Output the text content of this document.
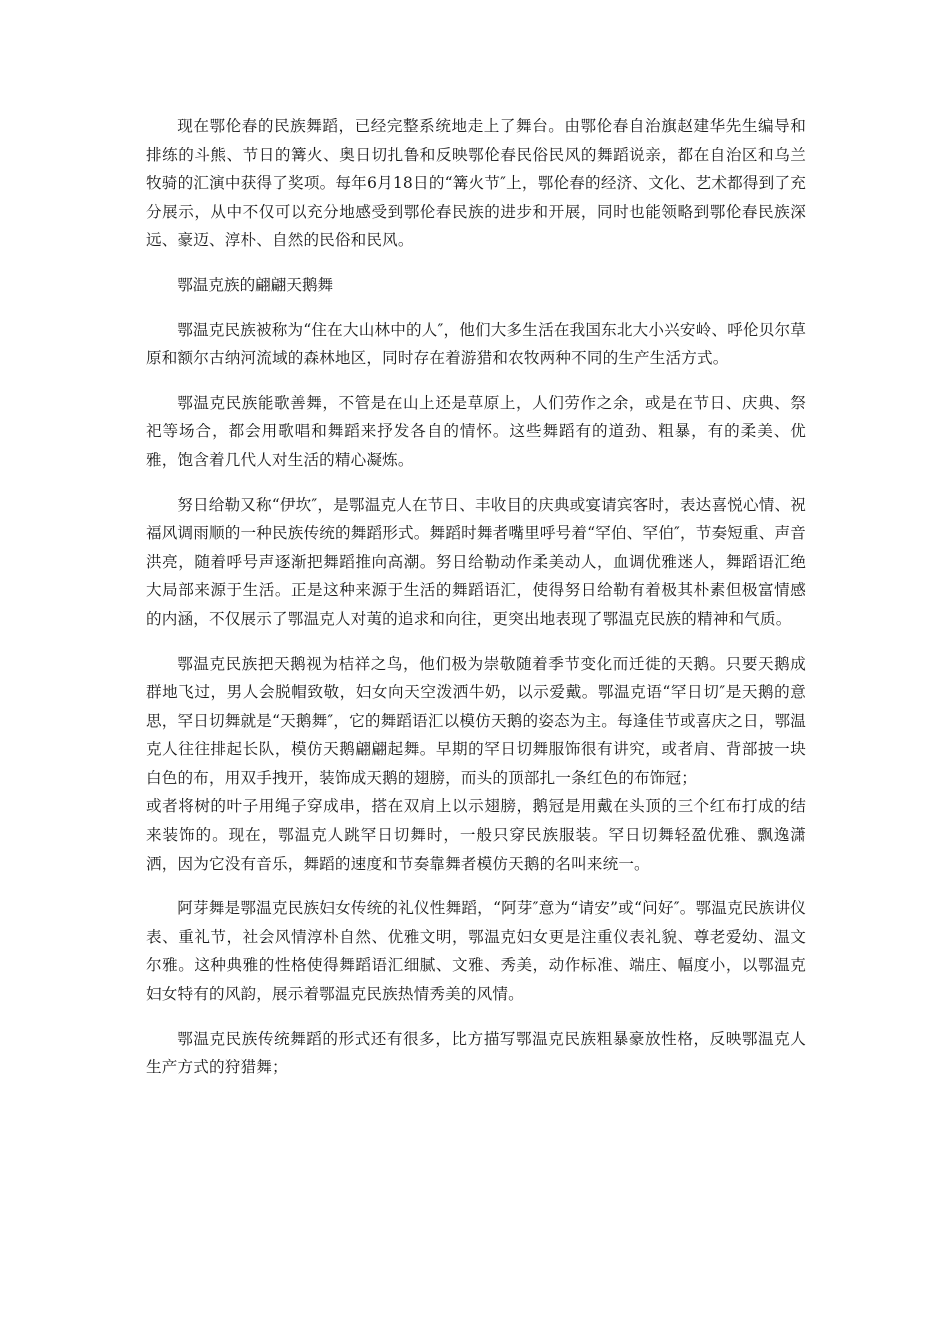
现在鄂伦春的民族舞蹈，已经完整系统地走上了舞台。由鄂伦春自治旗赵建华先生编导和排练的斗熊、节日的篝火、奥日切扎鲁和反映鄂伦春民俗民风的舞蹈说亲，都在自治区和乌兰牧骑的汇演中获得了奖项。每年6月18日的“篝火节″上，鄂伦春的经济、文化、艺术都得到了充分展示，从中不仅可以充分地感受到鄂伦春民族的进步和开展，同时也能领略到鄂伦春民族深远、豪迈、淳朴、自然的民俗和民风。

鄂温克族的翩翩天鹅舞

鄂温克民族被称为“住在大山林中的人″，他们大多生活在我国东北大小兴安岭、呼伦贝尔草原和额尔古纳河流域的森林地区，同时存在着游猎和农牧两种不同的生产生活方式。

鄂温克民族能歌善舞，不管是在山上还是草原上，人们劳作之余，或是在节日、庆典、祭祀等场合，都会用歌唱和舞蹈来抒发各自的情怀。这些舞蹈有的道劲、粗暴，有的柔美、优雅，饱含着几代人对生活的精心凝炼。

努日给勒又称“伊坎″，是鄂温克人在节日、丰收目的庆典或宴请宾客时，表达喜悦心情、祝福风调雨顺的一种民族传统的舞蹈形式。舞蹈时舞者嘴里呼号着“罕伯、罕伯″，节奏短重、声音洪亮，随着呼号声逐渐把舞蹈推向高潮。努日给勒动作柔美动人，血调优雅迷人，舞蹈语汇绝大局部来源于生活。正是这种来源于生活的舞蹈语汇，使得努日给勒有着极其朴素但极富情感的内涵，不仅展示了鄂温克人对荑的追求和向往，更突出地表现了鄂温克民族的精神和气质。

鄂温克民族把天鹅视为桔祥之鸟，他们极为崇敬随着季节变化而迁徙的天鹅。只要天鹅成群地飞过，男人会脱帽致敬，妇女向天空泼洒牛奶，以示爱戴。鄂温克语“罕日切″是天鹅的意思，罕日切舞就是“天鹅舞″，它的舞蹈语汇以模仿天鹅的姿态为主。每逢佳节或喜庆之日，鄂温克人往往排起长队，模仿天鹅翩翩起舞。早期的罕日切舞服饰很有讲究，或者肩、背部披一块白色的布，用双手拽开，装饰成天鹅的翅膀，而头的顶部扎一条红色的布饰冠；
或者将树的叶子用绳子穿成串，搭在双肩上以示翅膀，鹅冠是用戴在头顶的三个红布打成的结来装饰的。现在，鄂温克人跳罕日切舞时，一般只穿民族服装。罕日切舞轻盈优雅、飘逸潇洒，因为它没有音乐，舞蹈的速度和节奏靠舞者模仿天鹅的名叫来统一。

阿芽舞是鄂温克民族妇女传统的礼仪性舞蹈，“阿芽″意为“请安”或“问好″。鄂温克民族讲仪表、重礼节，社会风情淳朴自然、优雅文明，鄂温克妇女更是注重仪表礼貌、尊老爱幼、温文尔雅。这种典雅的性格使得舞蹈语汇细腻、文雅、秀美，动作标准、端庄、幅度小，以鄂温克妇女特有的风韵，展示着鄂温克民族热情秀美的风情。

鄂温克民族传统舞蹈的形式还有很多，比方描写鄂温克民族粗暴豪放性格，反映鄂温克人生产方式的狩猎舞；
